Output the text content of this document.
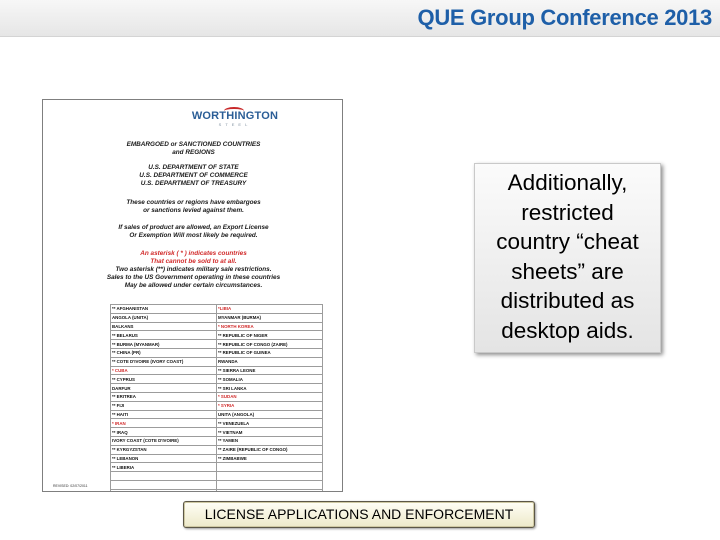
QUE Group Conference 2013
WORTHINGTON
STEEL
EMBARGOED or SANCTIONED COUNTRIES
and REGIONS
U.S. DEPARTMENT OF STATE
U.S. DEPARTMENT OF COMMERCE
U.S. DEPARTMENT OF TREASURY
These countries or regions have embargoes
or sanctions levied against them.
If sales of product are allowed, an Export License
Or Exemption Will most likely be required.
An asterisk ( * ) indicates countries
That cannot be sold to at all.
Two asterisk (**) indicates military sale restrictions.
Sales to the US Government operating in these countries
May be allowed under certain circumstances.
** AFGHANISTAN	*LIBIA
ANGOLA (UNITA)	MYANMAR (BURMA)
BALKANS	* NORTH KOREA
** BELARUS	** REPUBLIC OF NIGER
** BURMA (MYANMAR)	** REPUBLIC OF CONGO (ZAIRE)
** CHINA (PR)	** REPUBLIC OF GUINEA
** COTE D'IVOIRE (IVORY COAST)	RWANDA
* CUBA	** SIERRA LEONE
** CYPRUS	** SOMALIA
DARFUR	** SRI LANKA
** ERITREA	* SUDAN
** FIJI	* SYRIA
** HAITI	UNITA (ANGOLA)
* IRAN	** VENEZUELA
** IRAQ	** VIETNAM
IVORY COAST (COTE D'IVOIRE)	** YAMEN
** KYRGYZSTAN	** ZAIRE (REPUBLIC OF CONGO)
** LEBANON	** ZIMBABWE
** LIBERIA	

REVISED: 02/07/2011
Additionally,
restricted
country “cheat
sheets” are
distributed as
desktop aids.
LICENSE APPLICATIONS AND ENFORCEMENT
